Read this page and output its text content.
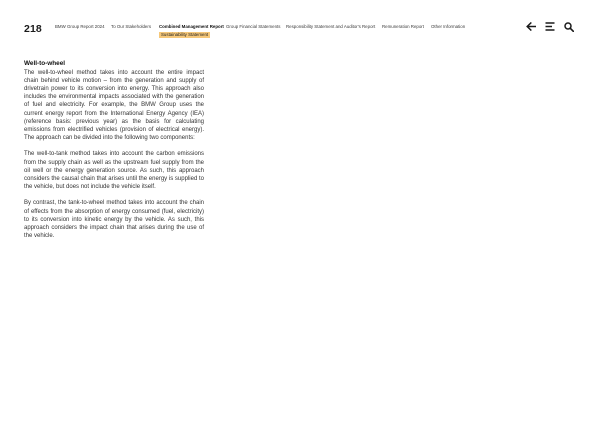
218	BMW Group Report 2024 To Our Stakeholders Combined Management Report Group Financial Statements Responsibility Statement and Auditor's Report Remuneration Report Other Information
Sustainability Statement
Well-to-wheel

The well-to-wheel method takes into account the entire impact chain behind vehicle motion – from the generation and supply of drivetrain power to its conversion into energy. This approach also includes the environmental impacts associated with the generation of fuel and electricity. For example, the BMW Group uses the current energy report from the International Energy Agency (IEA) (reference basis: previous year) as the basis for calculating emissions from electrified vehicles (provision of electrical energy). The approach can be divided into the following two components:

The well-to-tank method takes into account the carbon emissions from the supply chain as well as the upstream fuel supply from the oil well or the energy generation source. As such, this approach considers the causal chain that arises until the energy is supplied to the vehicle, but does not include the vehicle itself.

By contrast, the tank-to-wheel method takes into account the chain of effects from the absorption of energy consumed (fuel, electricity) to its conversion into kinetic energy by the vehicle. As such, this approach considers the impact chain that arises during the use of the vehicle.
